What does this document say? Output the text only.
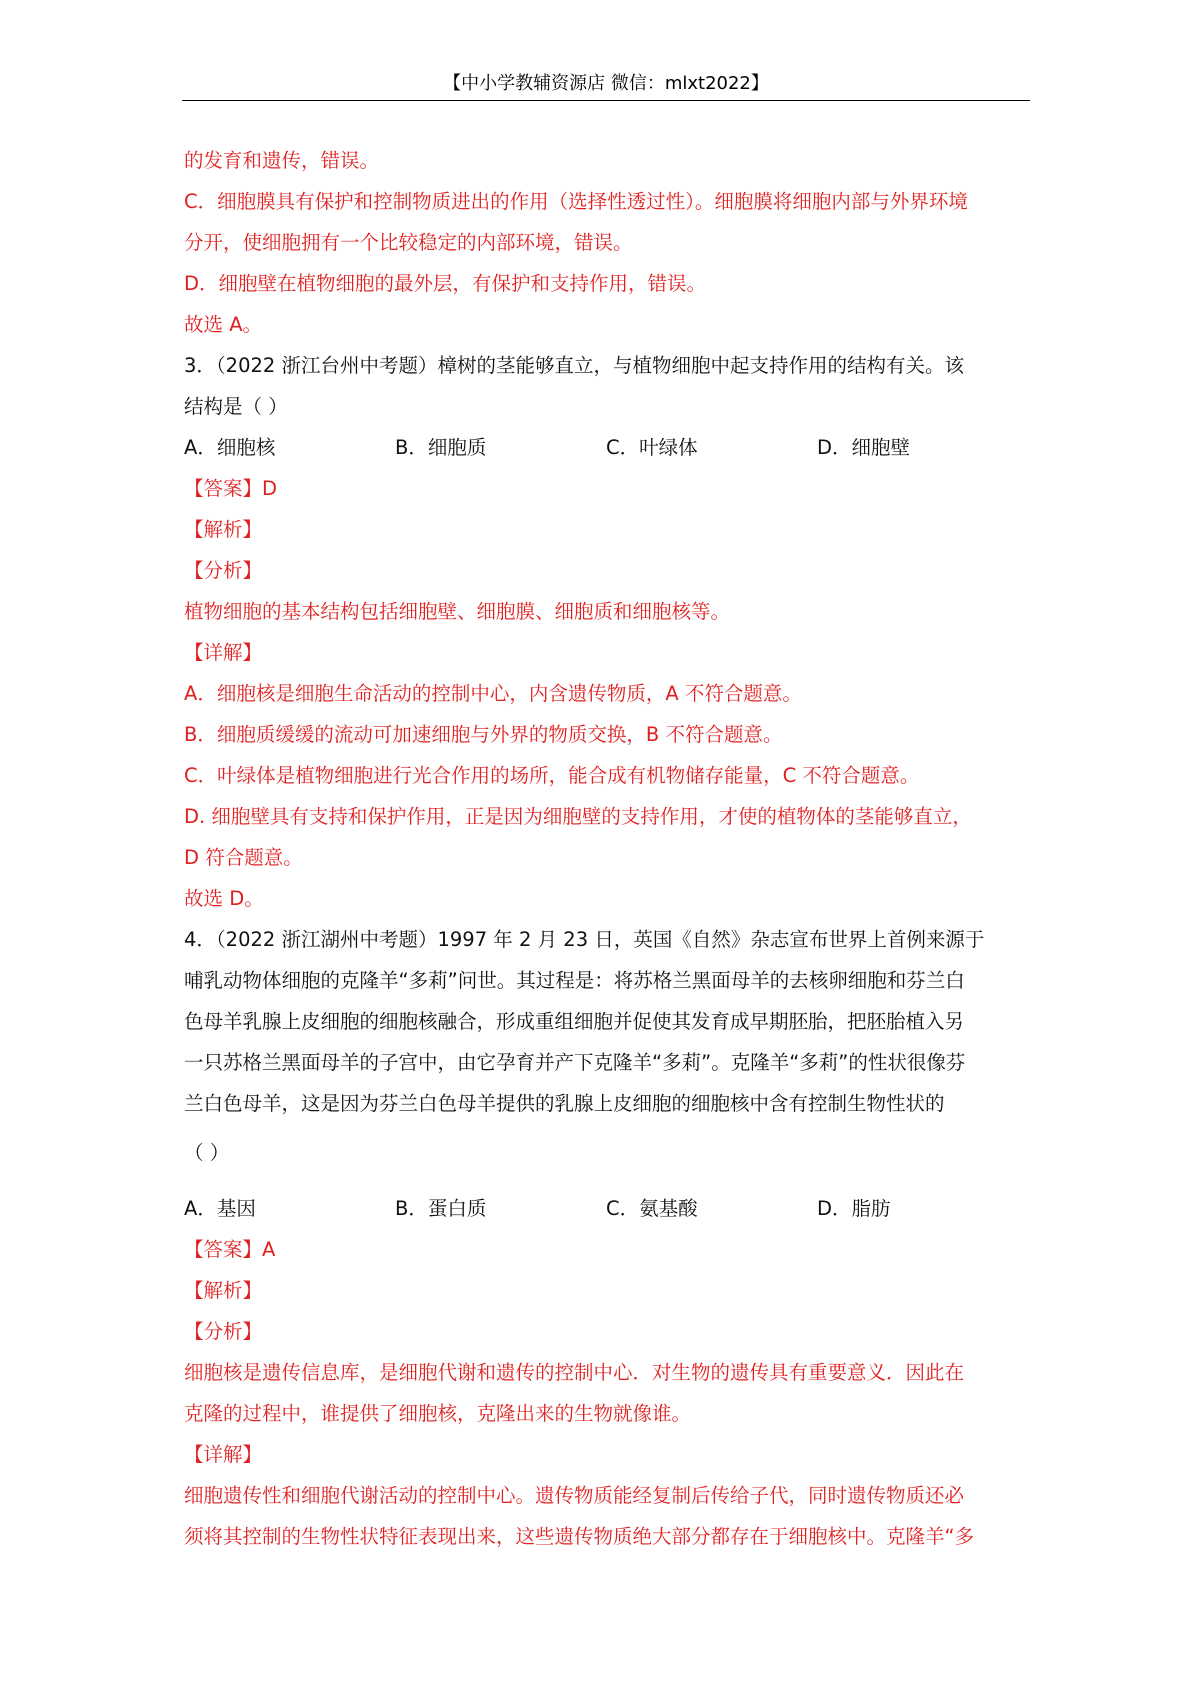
【中小学教辅资源店 微信：mlxt2022】

的发育和遗传，错误。

C．细胞膜具有保护和控制物质进出的作用（选择性透过性）。细胞膜将细胞内部与外界环境

分开，使细胞拥有一个比较稳定的内部环境，错误。

D．细胞壁在植物细胞的最外层，有保护和支持作用，错误。

故选 A。

3．（2022 浙江台州中考题）樟树的茎能够直立，与植物细胞中起支持作用的结构有关。该

结构是（ ）

A．细胞核	B．细胞质	C．叶绿体	D．细胞壁

【答案】D

【解析】

【分析】

植物细胞的基本结构包括细胞壁、细胞膜、细胞质和细胞核等。

【详解】

A．细胞核是细胞生命活动的控制中心，内含遗传物质，A 不符合题意。

B．细胞质缓缓的流动可加速细胞与外界的物质交换，B 不符合题意。

C．叶绿体是植物细胞进行光合作用的场所，能合成有机物储存能量，C 不符合题意。

D. 细胞壁具有支持和保护作用，正是因为细胞壁的支持作用，才使的植物体的茎能够直立，

D 符合题意。

故选 D。

4．（2022 浙江湖州中考题）1997 年 2 月 23 日，英国《自然》杂志宣布世界上首例来源于

哺乳动物体细胞的克隆羊“多莉”问世。其过程是：将苏格兰黑面母羊的去核卵细胞和芬兰白

色母羊乳腺上皮细胞的细胞核融合，形成重组细胞并促使其发育成早期胚胎，把胚胎植入另

一只苏格兰黑面母羊的子宫中，由它孕育并产下克隆羊“多莉”。克隆羊“多莉”的性状很像芬

兰白色母羊，这是因为芬兰白色母羊提供的乳腺上皮细胞的细胞核中含有控制生物性状的

（ ）

A．基因	B．蛋白质	C．氨基酸	D．脂肪

【答案】A

【解析】

【分析】

细胞核是遗传信息库，是细胞代谢和遗传的控制中心．对生物的遗传具有重要意义．因此在

克隆的过程中，谁提供了细胞核，克隆出来的生物就像谁。

【详解】

细胞遗传性和细胞代谢活动的控制中心。遗传物质能经复制后传给子代，同时遗传物质还必

须将其控制的生物性状特征表现出来，这些遗传物质绝大部分都存在于细胞核中。克隆羊“多
